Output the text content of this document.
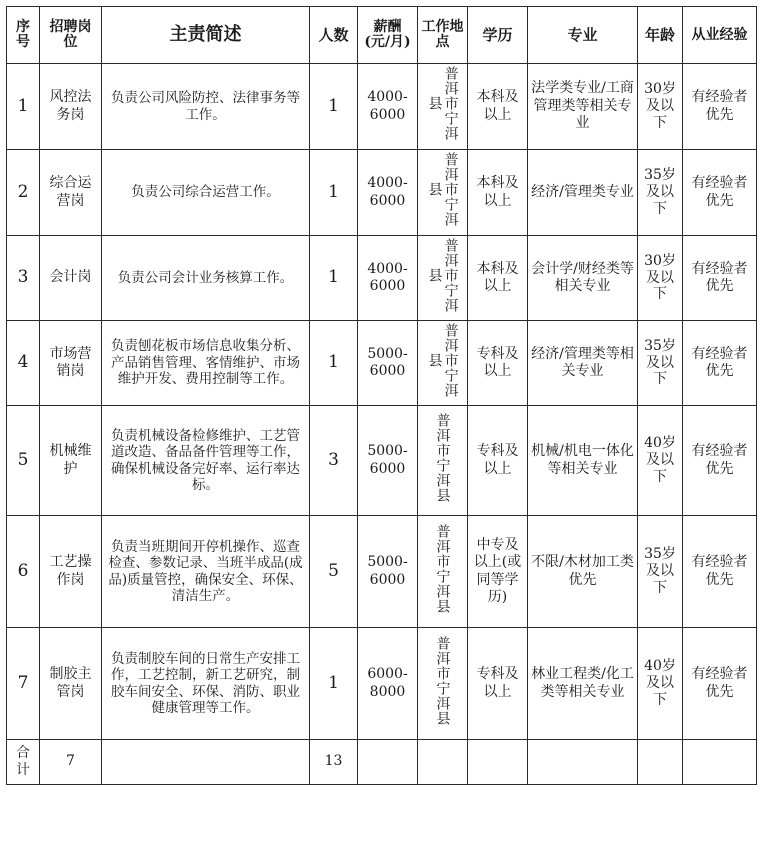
序号	招聘岗位	主责简述	人数	薪酬(元/月)	工作地点	学历	专业	年龄	从业经验
1	风控法务岗	负责公司风险防控、法律事务等工作。	1	4000-6000	普洱市宁洱县	本科及以上	法学类专业/工商管理类等相关专业	30岁及以下	有经验者优先
2	综合运营岗	负责公司综合运营工作。	1	4000-6000	普洱市宁洱县	本科及以上	经济/管理类专业	35岁及以下	有经验者优先
3	会计岗	负责公司会计业务核算工作。	1	4000-6000	普洱市宁洱县	本科及以上	会计学/财经类等相关专业	30岁及以下	有经验者优先
4	市场营销岗	负责刨花板市场信息收集分析、产品销售管理、客情维护、市场维护开发、费用控制等工作。	1	5000-6000	普洱市宁洱县	专科及以上	经济/管理类等相关专业	35岁及以下	有经验者优先
5	机械维护	负责机械设备检修维护、工艺管道改造、备品备件管理等工作，确保机械设备完好率、运行率达标。	3	5000-6000	普洱市宁洱县	专科及以上	机械/机电一体化等相关专业	40岁及以下	有经验者优先
6	工艺操作岗	负责当班期间开停机操作、巡查检查、参数记录、当班半成品(成品)质量管控，确保安全、环保、清洁生产。	5	5000-6000	普洱市宁洱县	中专及以上(或同等学历)	不限/木材加工类优先	35岁及以下	有经验者优先
7	制胶主管岗	负责制胶车间的日常生产安排工作，工艺控制，新工艺研究，制胶车间安全、环保、消防、职业健康管理等工作。	1	6000-8000	普洱市宁洱县	专科及以上	林业工程类/化工类等相关专业	40岁及以下	有经验者优先
合计	7		13						
